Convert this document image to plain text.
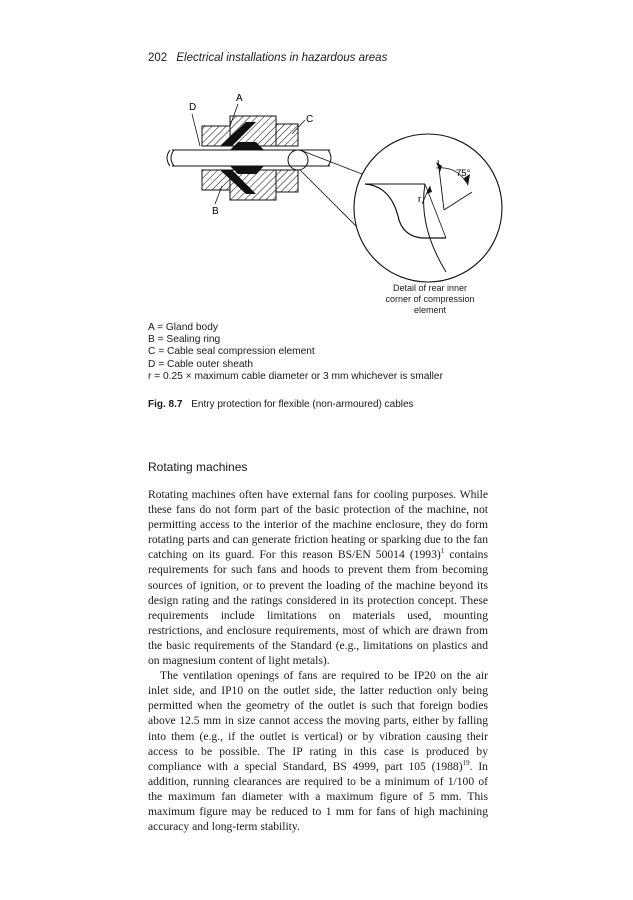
202 Electrical installations in hazardous areas
A
D
C
B
75°
r
Detail of rear inner
corner of compression
element
A = Gland body
B = Sealing ring
C = Cable seal compression element
D = Cable outer sheath
r = 0.25 × maximum cable diameter or 3 mm whichever is smaller
Fig. 8.7 Entry protection for flexible (non-armoured) cables
Rotating machines

Rotating machines often have external fans for cooling purposes. While these fans do not form part of the basic protection of the machine, not permitting access to the interior of the machine enclosure, they do form rotating parts and can generate friction heating or sparking due to the fan catching on its guard. For this reason BS/EN 50014 $(1993)^1$ contains requirements for such fans and hoods to prevent them from becoming sources of ignition, or to prevent the loading of the machine beyond its design rating and the ratings considered in its protection concept. These requirements include limitations on materials used, mounting restrictions, and enclosure requirements, most of which are drawn from the basic requirements of the Standard (e.g., limitations on plastics and on magnesium content of light metals).

The ventilation openings of fans are required to be IP20 on the air inlet side, and IP10 on the outlet side, the latter reduction only being permitted when the geometry of the outlet is such that foreign bodies above 12.5 mm in size cannot access the moving parts, either by falling into them (e.g., if the outlet is vertical) or by vibration causing their access to be possible. The IP rating in this case is produced by compliance with a special Standard, BS 4999, part 105 $(1988)^{19}$. In addition, running clearances are required to be a minimum of 1/100 of the maximum fan diameter with a maximum figure of 5 mm. This maximum figure may be reduced to 1 mm for fans of high machining accuracy and long-term stability.
